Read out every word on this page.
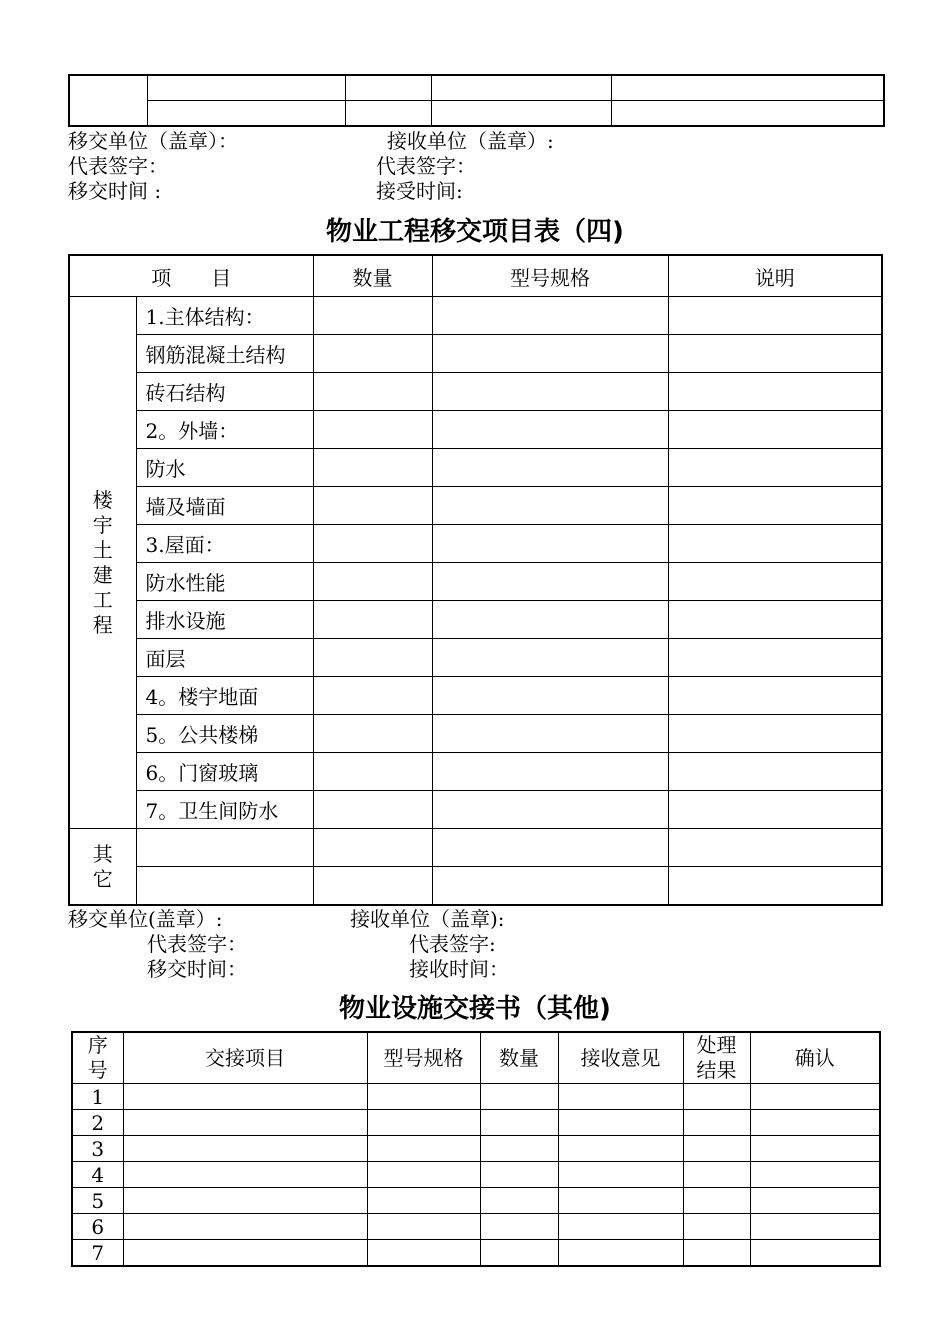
移交单位（盖章）：	接收单位（盖章）:
代表签字：	代表签字：
移交时间 :	接受时间:
物业工程移交项目表（四)
项　　目		数量	型号规格	说明

楼宇土建工程	1.主体结构：			
	钢筋混凝土结构			
	砖石结构			
	2。外墙：			
	防水			
	墙及墙面			
	3.屋面：			
	防水性能			
	排水设施			
	面层			
	4。楼宇地面			
	5。公共楼梯			
	6。门窗玻璃			
	7。卫生间防水			

其它				

移交单位(盖章）:	接收单位（盖章):
代表签字：	代表签字:
移交时间：	接收时间：
物业设施交接书（其他)
序号	交接项目	型号规格	数量	接收意见	处理结果	确认
1						
2						
3						
4						
5						
6						
7						
